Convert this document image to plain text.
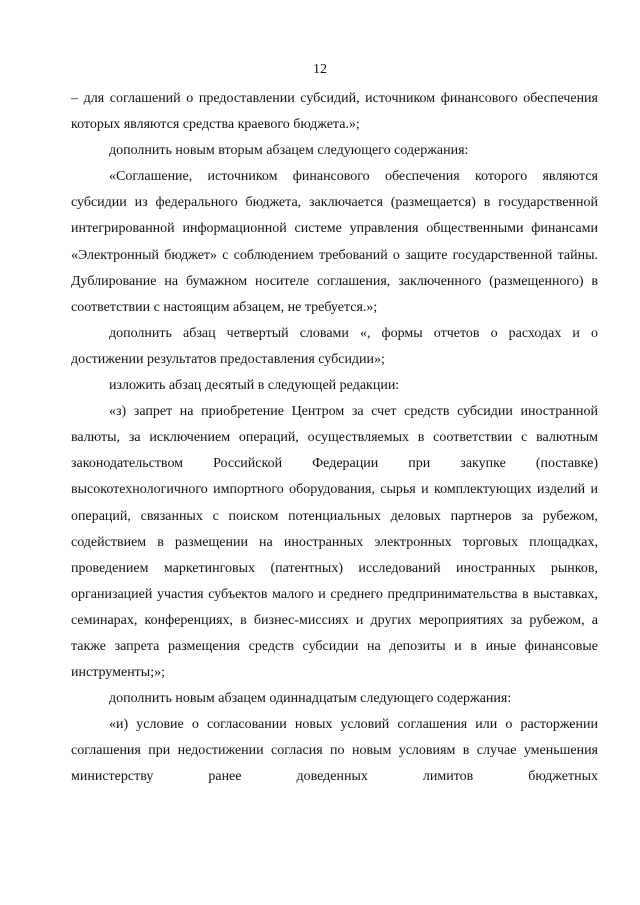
12

– для соглашений о предоставлении субсидий, источником финансового обеспечения которых являются средства краевого бюджета.»;

дополнить новым вторым абзацем следующего содержания:

«Соглашение, источником финансового обеспечения которого являются субсидии из федерального бюджета, заключается (размещается) в государственной интегрированной информационной системе управления общественными финансами «Электронный бюджет» с соблюдением требований о защите государственной тайны. Дублирование на бумажном носителе соглашения, заключенного (размещенного) в соответствии с настоящим абзацем, не требуется.»;

дополнить абзац четвертый словами «, формы отчетов о расходах и о достижении результатов предоставления субсидии»;

изложить абзац десятый в следующей редакции:

«з) запрет на приобретение Центром за счет средств субсидии иностранной валюты, за исключением операций, осуществляемых в соответствии с валютным законодательством Российской Федерации при закупке (поставке) высокотехнологичного импортного оборудования, сырья и комплектующих изделий и операций, связанных с поиском потенциальных деловых партнеров за рубежом, содействием в размещении на иностранных электронных торговых площадках, проведением маркетинговых (патентных) исследований иностранных рынков, организацией участия субъектов малого и среднего предпринимательства в выставках, семинарах, конференциях, в бизнес-миссиях и других мероприятиях за рубежом, а также запрета размещения средств субсидии на депозиты и в иные финансовые инструменты;»;

дополнить новым абзацем одиннадцатым следующего содержания:

«и) условие о согласовании новых условий соглашения или о расторжении соглашения при недостижении согласия по новым условиям в случае уменьшения министерству ранее доведенных лимитов бюджетных
